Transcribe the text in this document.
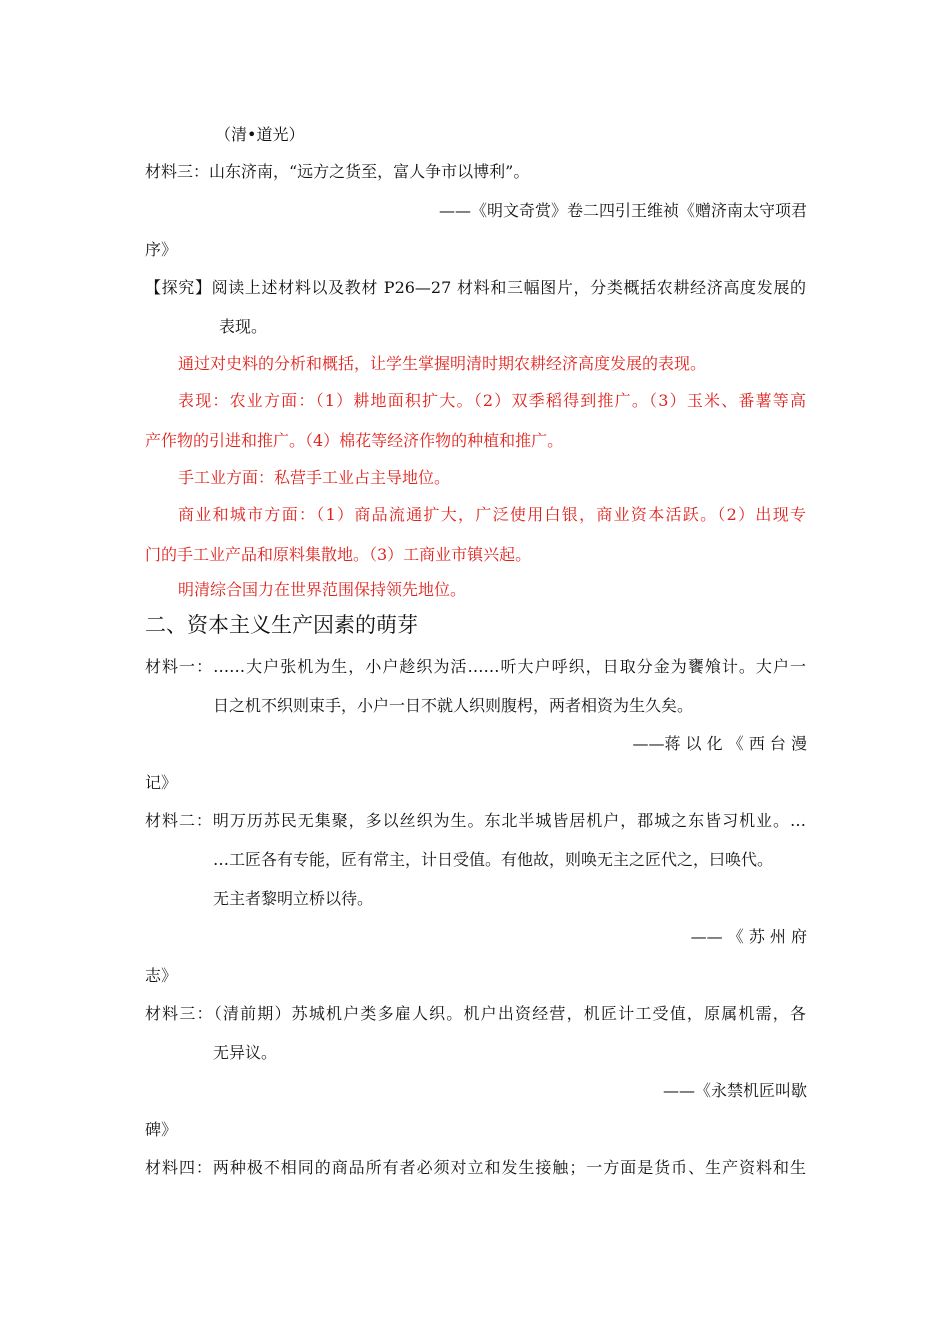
（清•道光）
材料三：山东济南，“远方之货至，富人争市以博利”。
——《明文奇赏》卷二四引王维祯《赠济南太守项君
序》
【探究】阅读上述材料以及教材 P26—27 材料和三幅图片，分类概括农耕经济高度发展的
表现。
通过对史料的分析和概括，让学生掌握明清时期农耕经济高度发展的表现。
表现：农业方面：（1）耕地面积扩大。（2）双季稻得到推广。（3）玉米、番薯等高
产作物的引进和推广。（4）棉花等经济作物的种植和推广。
手工业方面：私营手工业占主导地位。
商业和城市方面：（1）商品流通扩大，广泛使用白银，商业资本活跃。（2）出现专
门的手工业产品和原料集散地。（3）工商业市镇兴起。
明清综合国力在世界范围保持领先地位。
二、资本主义生产因素的萌芽
材料一：……大户张机为生，小户趁织为活……听大户呼织，日取分金为饔飧计。大户一
日之机不织则束手，小户一日不就人织则腹枵，两者相资为生久矣。
——蒋 以 化 《 西 台 漫
记》
材料二：明万历苏民无集聚，多以丝织为生。东北半城皆居机户，郡城之东皆习机业。…
…工匠各有专能，匠有常主，计日受值。有他故，则唤无主之匠代之，曰唤代。
无主者黎明立桥以待。
—— 《 苏 州 府
志》
材料三：（清前期）苏城机户类多雇人织。机户出资经营，机匠计工受值，原属机需，各
无异议。
——《永禁机匠叫歇
碑》
材料四：两种极不相同的商品所有者必须对立和发生接触；一方面是货币、生产资料和生
